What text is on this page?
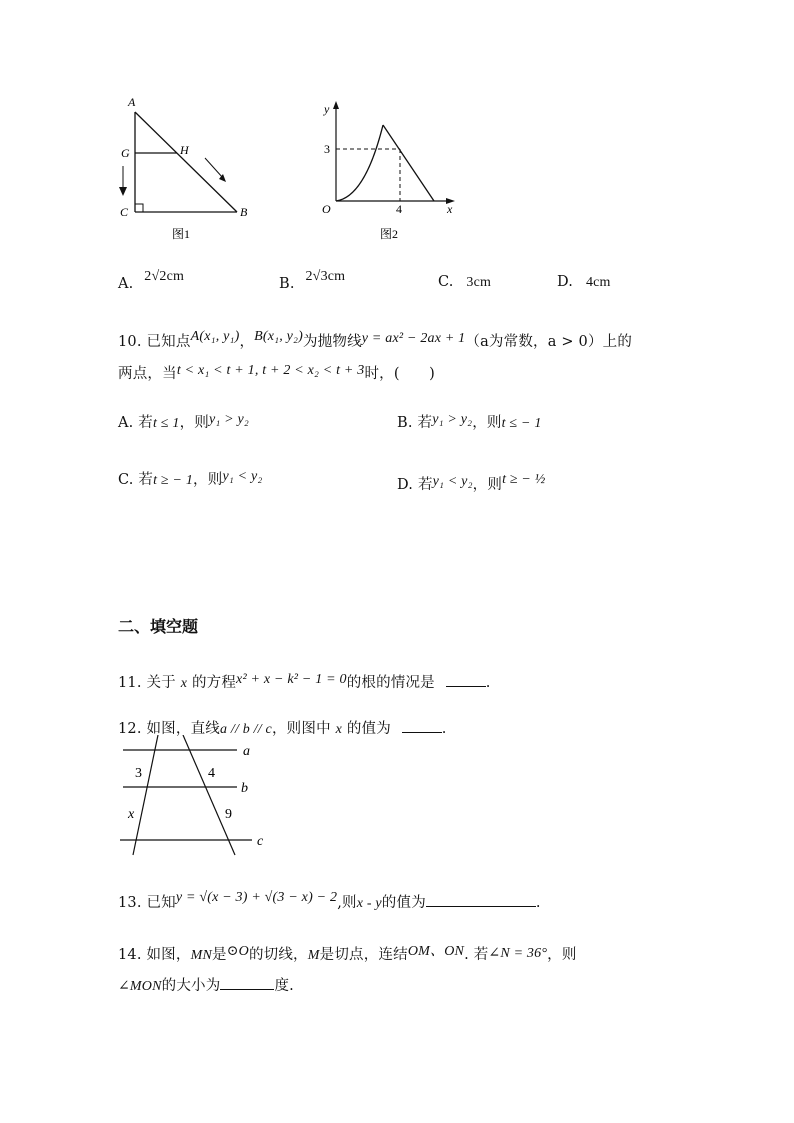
A
G	H
C	B
图1
y
3
O	4	x
图2
A. 2√2cm	B. 2√3cm	C. 3cm	D. 4cm
10. 已知点A(x₁, y₁)，B(x₁, y₂)为抛物线y = ax² − 2ax + 1（a为常数，a > 0）上的
两点，当t < x₁ < t + 1, t + 2 < x₂ < t + 3时，(　　)
A. 若t ≤ 1，则y₁ > y₂	B. 若y₁ > y₂，则t ≤ − 1
C. 若t ≥ − 1，则y₁ < y₂
D. 若y₁ < y₂，则t ≥ − ½
二、填空题
11. 关于 x 的方程x² + x − k² − 1 = 0的根的情况是	.
12. 如图，直线a // b // c，则图中 x 的值为	.
a
b
c
3	4
x	9
13. 已知y = √(x − 3) + √(3 − x) − 2,则x - y的值为	.
14. 如图，MN是⊙O的切线，M是切点，连结OM、ON. 若∠N = 36°，则
∠MON的大小为	度.
